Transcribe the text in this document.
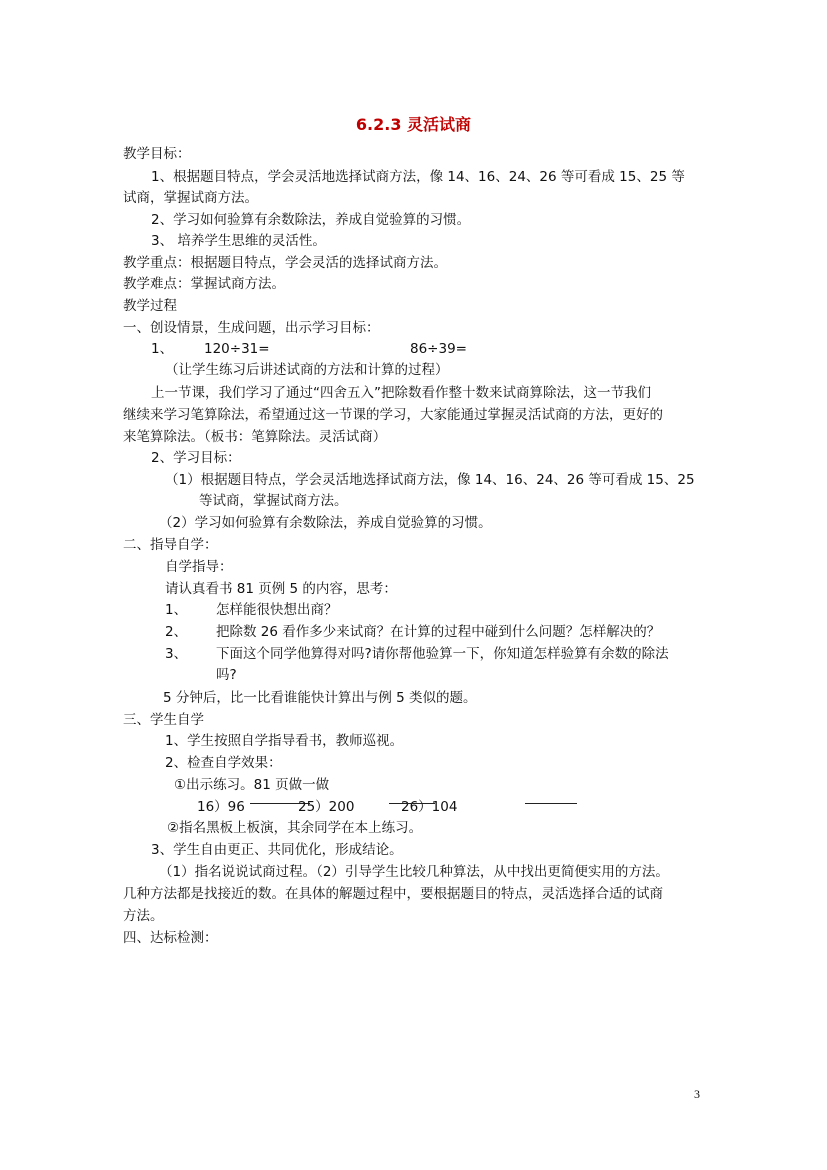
6.2.3 灵活试商
教学目标：
1、根据题目特点，学会灵活地选择试商方法，像 14、16、24、26 等可看成 15、25 等
试商，掌握试商方法。
2、学习如何验算有余数除法，养成自觉验算的习惯。
3、 培养学生思维的灵活性。
教学重点：根据题目特点，学会灵活的选择试商方法。
教学难点：掌握试商方法。
教学过程
一、创设情景，生成问题，出示学习目标：
1、 120÷31=	86÷39=
（让学生练习后讲述试商的方法和计算的过程）
上一节课，我们学习了通过“四舍五入”把除数看作整十数来试商算除法，这一节我们
继续来学习笔算除法，希望通过这一节课的学习，大家能通过掌握灵活试商的方法，更好的
来笔算除法。（板书：笔算除法。灵活试商）
2、学习目标：
（1）根据题目特点，学会灵活地选择试商方法，像 14、16、24、26 等可看成 15、25
等试商，掌握试商方法。
（2）学习如何验算有余数除法，养成自觉验算的习惯。
二、指导自学：
自学指导：
请认真看书 81 页例 5 的内容，思考：
1、 怎样能很快想出商？
2、 把除数 26 看作多少来试商？在计算的过程中碰到什么问题？怎样解决的？
3、 下面这个同学他算得对吗?请你帮他验算一下，你知道怎样验算有余数的除法
吗?
5 分钟后，比一比看谁能快计算出与例 5 类似的题。
三、学生自学
1、学生按照自学指导看书，教师巡视。
2、检查自学效果：
①出示练习。81 页做一做
16）96	25）200	26）104
②指名黑板上板演，其余同学在本上练习。
3、学生自由更正、共同优化，形成结论。
（1）指名说说试商过程。（2）引导学生比较几种算法，从中找出更简便实用的方法。
几种方法都是找接近的数。在具体的解题过程中，要根据题目的特点，灵活选择合适的试商
方法。
四、达标检测：
3
